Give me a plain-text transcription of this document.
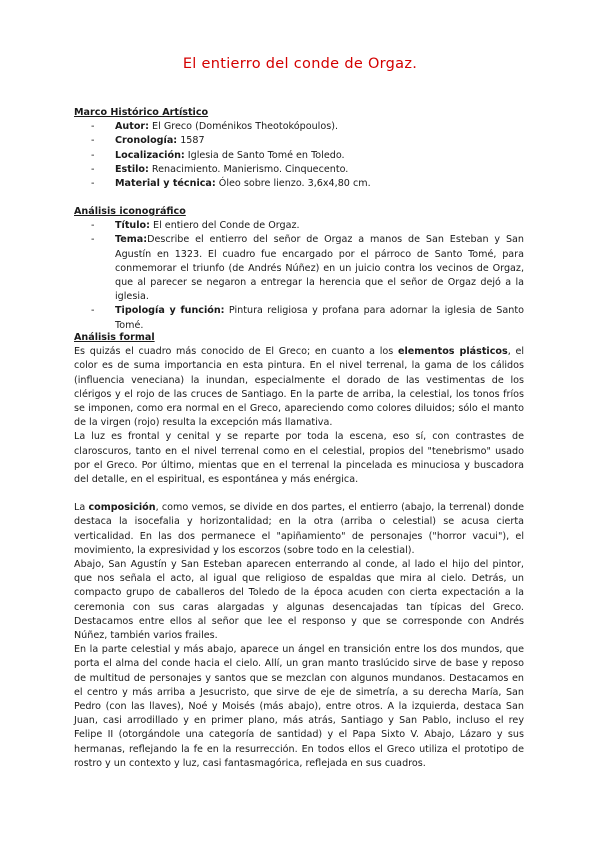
El entierro del conde de Orgaz.
Marco Histórico Artístico
- Autor: El Greco (Doménikos Theotokópoulos).
- Cronología: 1587
- Localización: Iglesia de Santo Tomé en Toledo.
- Estilo: Renacimiento. Manierismo. Cinquecento.
- Material y técnica: Óleo sobre lienzo. 3,6x4,80 cm.
Análisis iconográfico
- Título: El entiero del Conde de Orgaz.
- Tema:Describe el entierro del señor de Orgaz a manos de San Esteban y San Agustín en 1323. El cuadro fue encargado por el párroco de Santo Tomé, para conmemorar el triunfo (de Andrés Núñez) en un juicio contra los vecinos de Orgaz, que al parecer se negaron a entregar la herencia que el señor de Orgaz dejó a la iglesia.
- Tipología y función: Pintura religiosa y profana para adornar la iglesia de Santo Tomé.
Análisis formal

Es quizás el cuadro más conocido de El Greco; en cuanto a los elementos plásticos, el color es de suma importancia en esta pintura. En el nivel terrenal, la gama de los cálidos (influencia veneciana) la inundan, especialmente el dorado de las vestimentas de los clérigos y el rojo de las cruces de Santiago. En la parte de arriba, la celestial, los tonos fríos se imponen, como era normal en el Greco, apareciendo como colores diluidos; sólo el manto de la virgen (rojo) resulta la excepción más llamativa.

La luz es frontal y cenital y se reparte por toda la escena, eso sí, con contrastes de claroscuros, tanto en el nivel terrenal como en el celestial, propios del "tenebrismo" usado por el Greco. Por último, mientas que en el terrenal la pincelada es minuciosa y buscadora del detalle, en el espiritual, es espontánea y más enérgica.

La composición, como vemos, se divide en dos partes, el entierro (abajo, la terrenal) donde destaca la isocefalia y horizontalidad; en la otra (arriba o celestial) se acusa cierta verticalidad. En las dos permanece el "apiñamiento" de personajes ("horror vacui"), el movimiento, la expresividad y los escorzos (sobre todo en la celestial).

Abajo, San Agustín y San Esteban aparecen enterrando al conde, al lado el hijo del pintor, que nos señala el acto, al igual que religioso de espaldas que mira al cielo. Detrás, un compacto grupo de caballeros del Toledo de la época acuden con cierta expectación a la ceremonia con sus caras alargadas y algunas desencajadas tan típicas del Greco. Destacamos entre ellos al señor que lee el responso y que se corresponde con Andrés Núñez, también varios frailes.

En la parte celestial y más abajo, aparece un ángel en transición entre los dos mundos, que porta el alma del conde hacia el cielo. Allí, un gran manto traslúcido sirve de base y reposo de multitud de personajes y santos que se mezclan con algunos mundanos. Destacamos en el centro y más arriba a Jesucristo, que sirve de eje de simetría, a su derecha María, San Pedro (con las llaves), Noé y Moisés (más abajo), entre otros. A la izquierda, destaca San Juan, casi arrodillado y en primer plano, más atrás, Santiago y San Pablo, incluso el rey Felipe II (otorgándole una categoría de santidad) y el Papa Sixto V. Abajo, Lázaro y sus hermanas, reflejando la fe en la resurrección. En todos ellos el Greco utiliza el prototipo de rostro y un contexto y luz, casi fantasmagórica, reflejada en sus cuadros.
